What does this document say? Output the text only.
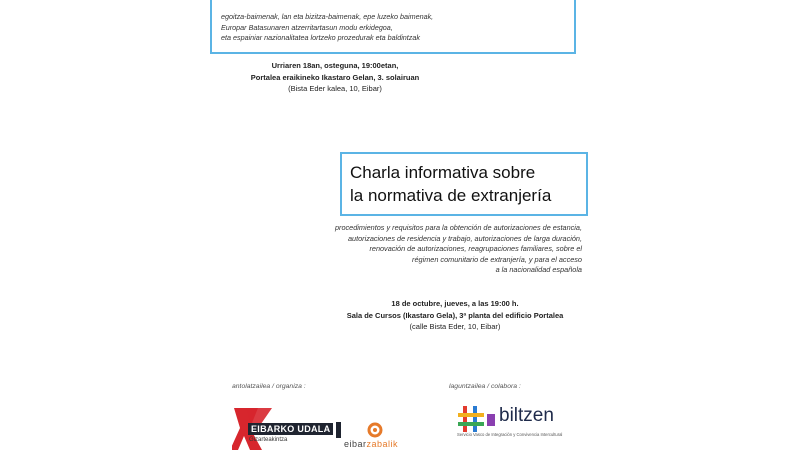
egoitza-baimenak, lan eta bizitza-baimenak, epe luzeko baimenak,
Europar Batasunaren atzerritartasun modu erkidegoa,
eta espainiar nazionalitatea lortzeko prozedurak eta baldintzak
Urriaren 18an, osteguna, 19:00etan,
Portalea eraikineko Ikastaro Gelan, 3. solairuan
(Bista Eder kalea, 10, Eibar)
Charla informativa sobre
la normativa de extranjería
procedimientos y requisitos para la obtención de autorizaciones de estancia,
autorizaciones de residencia y trabajo, autorizaciones de larga duración,
renovación de autorizaciones, reagrupaciones familiares, sobre el
régimen comunitario de extranjería, y para el acceso
a la nacionalidad española
18 de octubre, jueves, a las 19:00 h.
Sala de Cursos (Ikastaro Gela), 3ª planta del edificio Portalea
(calle Bista Eder, 10, Eibar)
antolatzailea / organiza :	laguntzailea / colabora :
EIBARKO UDALA
Gizarteakintza	eibarzabalik
biltzen
Servicio Vasco de Integración y Convivencia Intercultural
